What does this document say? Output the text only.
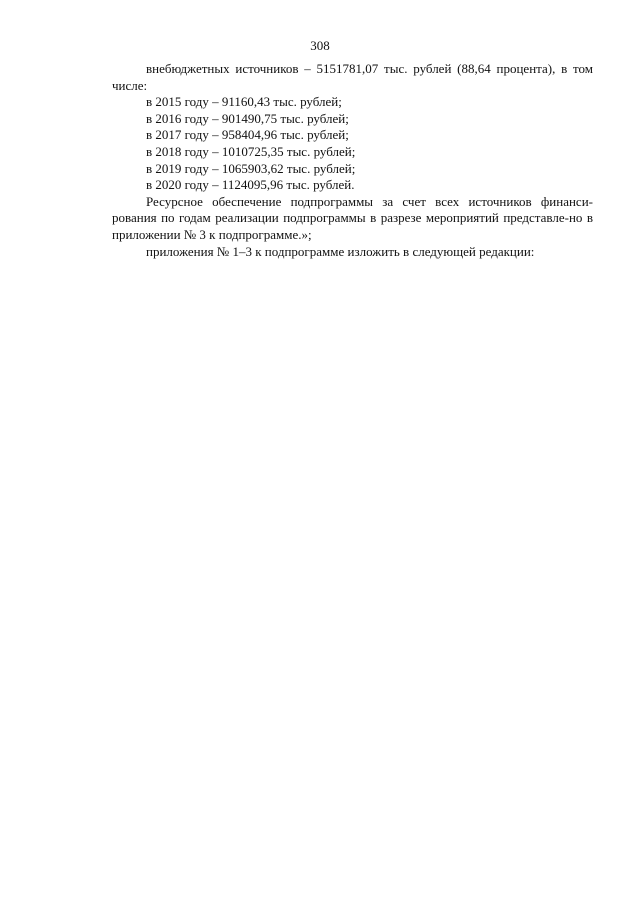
308

внебюджетных источников – 5151781,07 тыс. рублей (88,64 процента), в том числе:

в 2015 году – 91160,43 тыс. рублей;

в 2016 году – 901490,75 тыс. рублей;

в 2017 году – 958404,96 тыс. рублей;

в 2018 году – 1010725,35 тыс. рублей;

в 2019 году – 1065903,62 тыс. рублей;

в 2020 году – 1124095,96 тыс. рублей.

Ресурсное обеспечение подпрограммы за счет всех источников финанси-рования по годам реализации подпрограммы в разрезе мероприятий представле-но в приложении № 3 к подпрограмме.»;

приложения № 1–3 к подпрограмме изложить в следующей редакции:
